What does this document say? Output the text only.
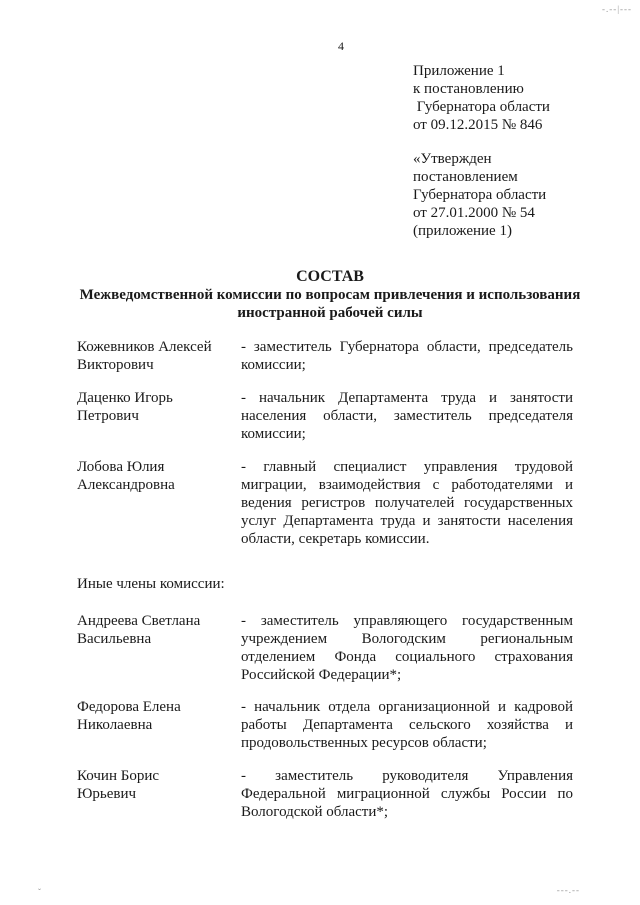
-.--|---
---.--
ˇ
4
Приложение 1
к постановлению
Губернатора области
от 09.12.2015 № 846
«Утвержден
постановлением
Губернатора области
от 27.01.2000 № 54
(приложение 1)
СОСТАВ
Межведомственной комиссии по вопросам привлечения и использования
иностранной рабочей силы
Кожевников Алексей
Викторович
- заместитель Губернатора области, председатель
комиссии;
Даценко Игорь
Петрович
- начальник Департамента труда и занятости
населения области, заместитель председателя
комиссии;
Лобова Юлия
Александровна
- главный специалист управления трудовой
миграции, взаимодействия с работодателями и
ведения регистров получателей государственных
услуг Департамента труда и занятости населения
области, секретарь комиссии.
Иные члены комиссии:
Андреева Светлана
Васильевна
- заместитель управляющего государственным
учреждением Вологодским региональным
отделением Фонда социального страхования
Российской Федерации*;
Федорова Елена
Николаевна
- начальник отдела организационной и кадровой
работы Департамента сельского хозяйства и
продовольственных ресурсов области;
Кочин Борис
Юрьевич
- заместитель руководителя Управления
Федеральной миграционной службы России по
Вологодской области*;
